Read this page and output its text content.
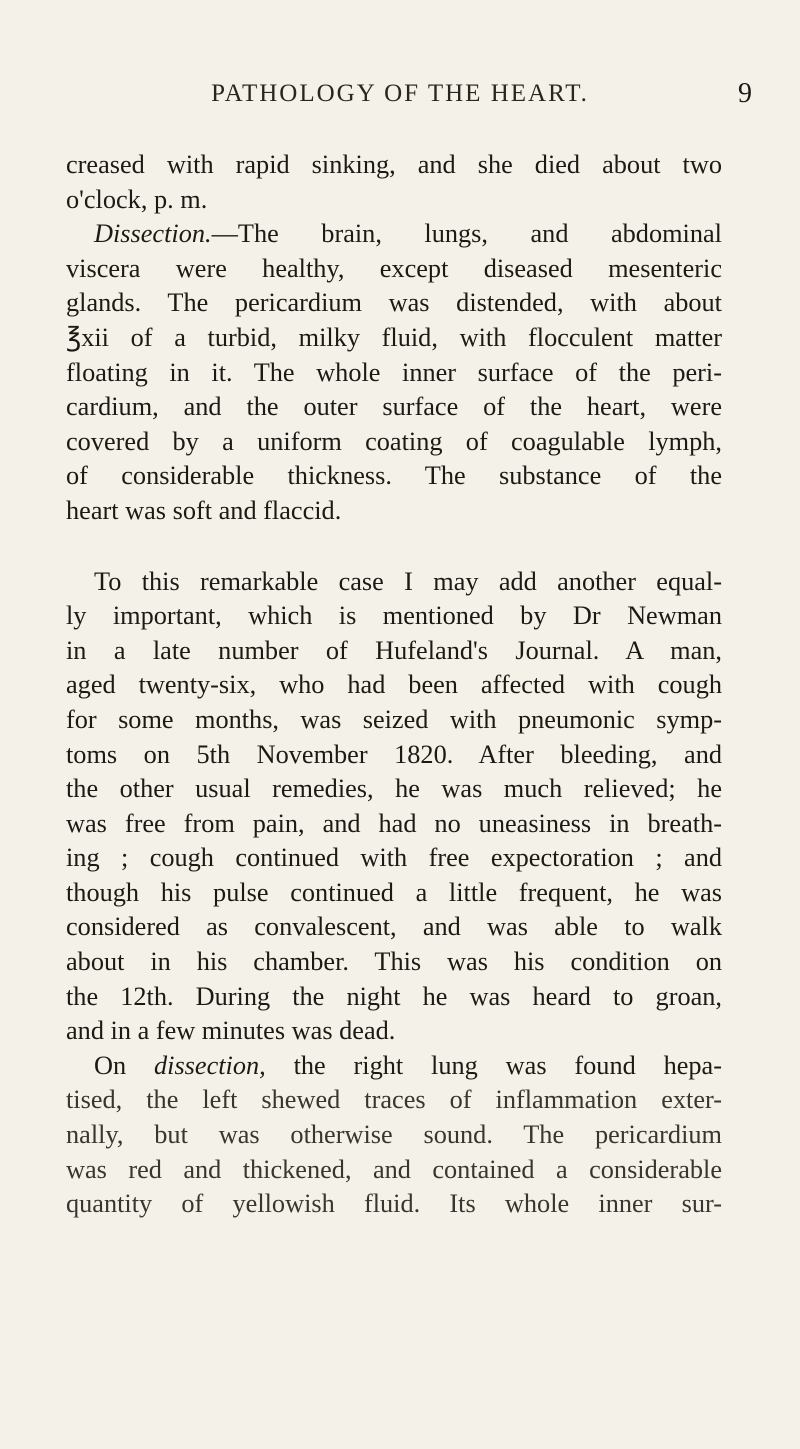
PATHOLOGY OF THE HEART.	9
creased with rapid sinking, and she died about two
o'clock, p. m.
Dissection.—The brain, lungs, and abdominal
viscera were healthy, except diseased mesenteric
glands. The pericardium was distended, with about
℥xii of a turbid, milky fluid, with flocculent matter
floating in it. The whole inner surface of the peri-
cardium, and the outer surface of the heart, were
covered by a uniform coating of coagulable lymph,
of considerable thickness. The substance of the
heart was soft and flaccid.
To this remarkable case I may add another equal-
ly important, which is mentioned by Dr Newman
in a late number of Hufeland's Journal. A man,
aged twenty-six, who had been affected with cough
for some months, was seized with pneumonic symp-
toms on 5th November 1820. After bleeding, and
the other usual remedies, he was much relieved; he
was free from pain, and had no uneasiness in breath-
ing ; cough continued with free expectoration ; and
though his pulse continued a little frequent, he was
considered as convalescent, and was able to walk
about in his chamber. This was his condition on
the 12th. During the night he was heard to groan,
and in a few minutes was dead.
On dissection, the right lung was found hepa-
tised, the left shewed traces of inflammation exter-
nally, but was otherwise sound. The pericardium
was red and thickened, and contained a considerable
quantity of yellowish fluid. Its whole inner sur-
